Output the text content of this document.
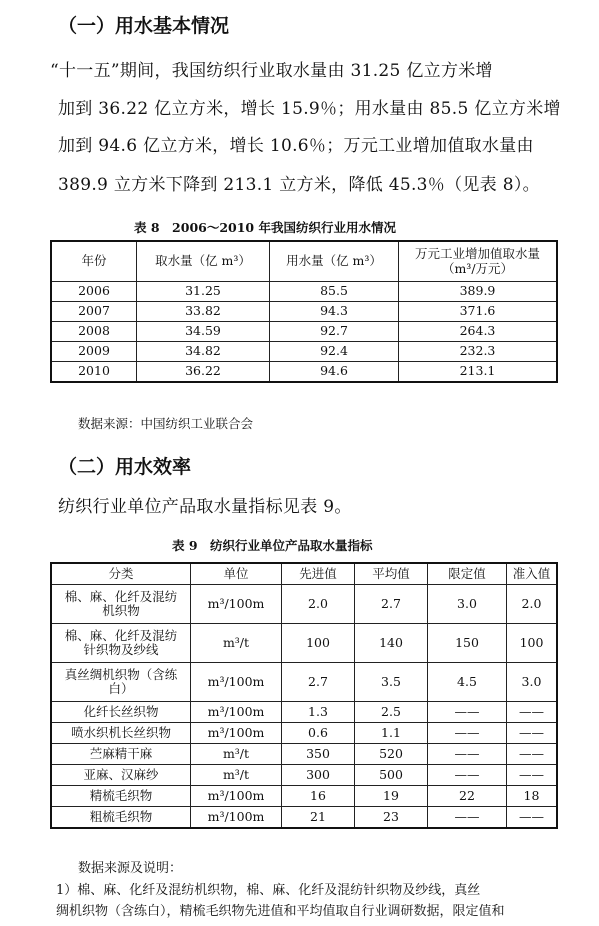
（一）用水基本情况
“十一五”期间，我国纺织行业取水量由 31.25 亿立方米增
加到 36.22 亿立方米，增长 15.9％；用水量由 85.5 亿立方米增
加到 94.6 亿立方米，增长 10.6％；万元工业增加值取水量由
389.9 立方米下降到 213.1 立方米，降低 45.3％（见表 8）。
表 8　2006～2010 年我国纺织行业用水情况
年份	取水量（亿 m³）	用水量（亿 m³）	万元工业增加值取水量
（m³/万元）
2006	31.25	85.5	389.9
2007	33.82	94.3	371.6
2008	34.59	92.7	264.3
2009	34.82	92.4	232.3
2010	36.22	94.6	213.1
数据来源：中国纺织工业联合会
（二）用水效率
纺织行业单位产品取水量指标见表 9。
表 9　纺织行业单位产品取水量指标
分类	单位	先进值	平均值	限定值	准入值
棉、麻、化纤及混纺
机织物	m³/100m	2.0	2.7	3.0	2.0
棉、麻、化纤及混纺
针织物及纱线	m³/t	100	140	150	100
真丝绸机织物（含练
白）	m³/100m	2.7	3.5	4.5	3.0
化纤长丝织物	m³/100m	1.3	2.5	——	——
喷水织机长丝织物	m³/100m	0.6	1.1	——	——
苎麻精干麻	m³/t	350	520	——	——
亚麻、汉麻纱	m³/t	300	500	——	——
精梳毛织物	m³/100m	16	19	22	18
粗梳毛织物	m³/100m	21	23	——	——
数据来源及说明：
1）棉、麻、化纤及混纺机织物，棉、麻、化纤及混纺针织物及纱线，真丝
绸机织物（含练白），精梳毛织物先进值和平均值取自行业调研数据，限定值和
